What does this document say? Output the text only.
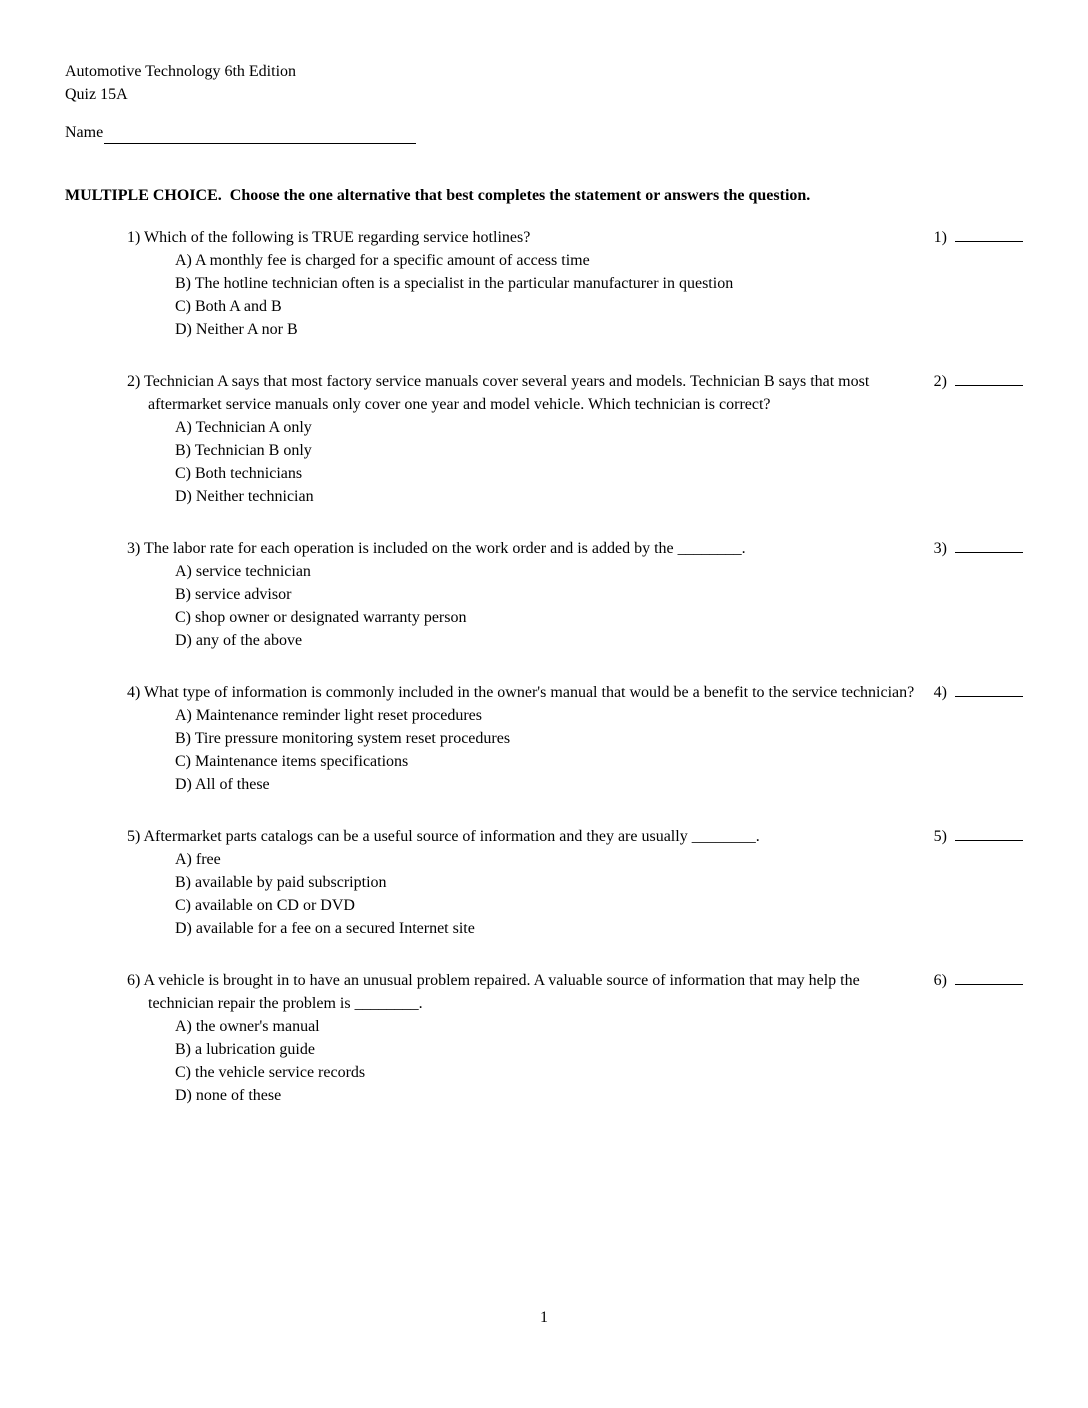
Automotive Technology 6th Edition
Quiz 15A
Name
MULTIPLE CHOICE.  Choose the one alternative that best completes the statement or answers the question.
1)

1) Which of the following is TRUE regarding service hotlines?

A) A monthly fee is charged for a specific amount of access time
B) The hotline technician often is a specialist in the particular manufacturer in question
C) Both A and B
D) Neither A nor B
2)

2) Technician A says that most factory service manuals cover several years and models. Technician B says that most aftermarket service manuals only cover one year and model vehicle. Which technician is correct?

A) Technician A only
B) Technician B only
C) Both technicians
D) Neither technician
3)

3) The labor rate for each operation is included on the work order and is added by the ________.

A) service technician
B) service advisor
C) shop owner or designated warranty person
D) any of the above
4)

4) What type of information is commonly included in the owner's manual that would be a benefit to the service technician?

A) Maintenance reminder light reset procedures
B) Tire pressure monitoring system reset procedures
C) Maintenance items specifications
D) All of these
5)

5) Aftermarket parts catalogs can be a useful source of information and they are usually ________.

A) free
B) available by paid subscription
C) available on CD or DVD
D) available for a fee on a secured Internet site
6)

6) A vehicle is brought in to have an unusual problem repaired. A valuable source of information that may help the technician repair the problem is ________.

A) the owner's manual
B) a lubrication guide
C) the vehicle service records
D) none of these
1
